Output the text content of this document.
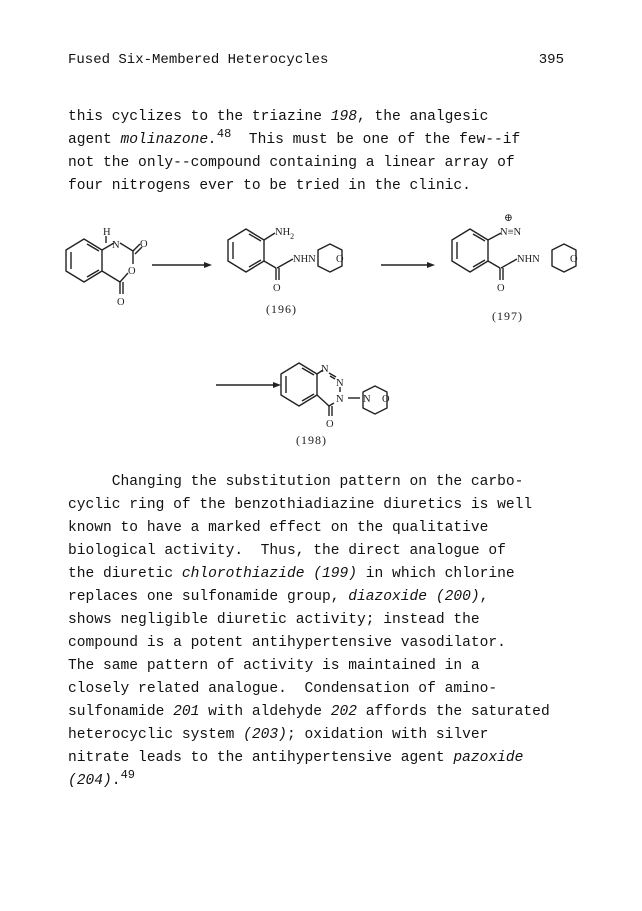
Fused Six-Membered Heterocycles	395
this cyclizes to the triazine 198, the analgesic
agent molinazone.$^{48}$  This must be one of the few--if
not the only--compound containing a linear array of
four nitrogens ever to be tried in the clinic.
H
N O
O
O
$NH_2$
NHN O
O
(196)
⊕
N≡N
NHN	O
O
(197)
N
N
N N O
O
(198)
Changing the substitution pattern on the carbo-
cyclic ring of the benzothiadiazine diuretics is well
known to have a marked effect on the qualitative
biological activity.  Thus, the direct analogue of
the diuretic chlorothiazide (199) in which chlorine
replaces one sulfonamide group, diazoxide (200),
shows negligible diuretic activity; instead the
compound is a potent antihypertensive vasodilator.
The same pattern of activity is maintained in a
closely related analogue.  Condensation of amino-
sulfonamide 201 with aldehyde 202 affords the saturated
heterocyclic system (203); oxidation with silver
nitrate leads to the antihypertensive agent pazoxide
(204).$^{49}$
